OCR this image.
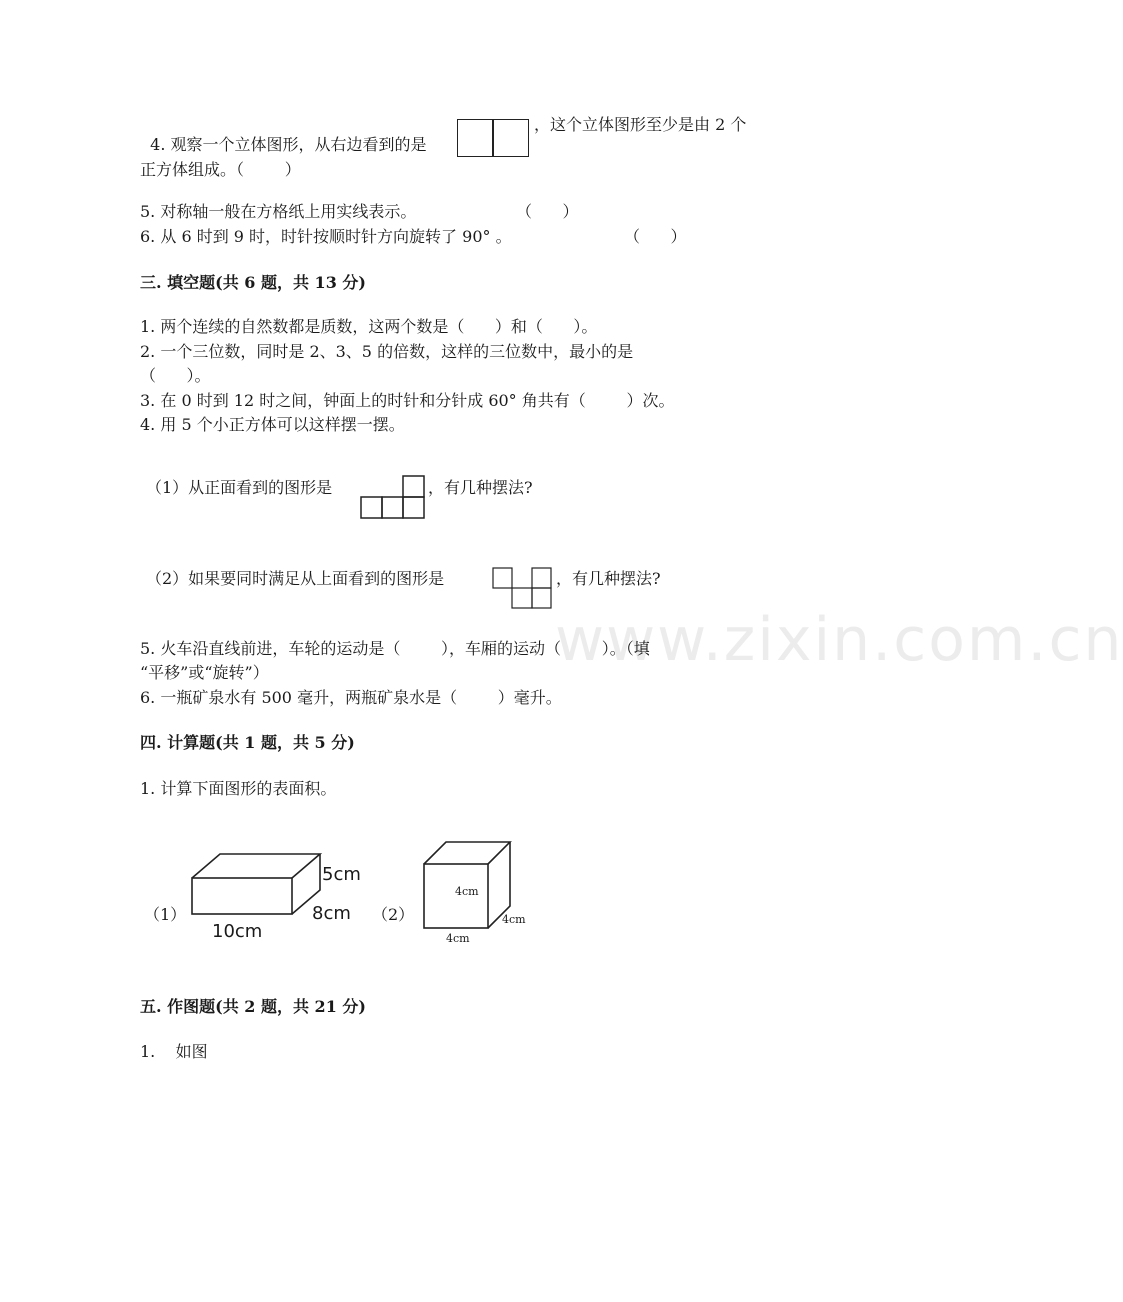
www.zixin.com.cn

4. 观察一个立体图形，从右边看到的是

，这个立体图形至少是由 2 个
正方体组成。（        ）
5. 对称轴一般在方格纸上用实线表示。	（      ）
6. 从 6 时到 9 时，时针按顺时针方向旋转了 90° 。	（      ）
三. 填空题(共 6 题，共 13 分)
1. 两个连续的自然数都是质数，这两个数是（      ）和（      ）。
2. 一个三位数，同时是 2、3、5 的倍数，这样的三位数中，最小的是
（      ）。
3. 在 0 时到 12 时之间，钟面上的时针和分针成 60° 角共有（        ）次。
4. 用 5 个小正方体可以这样摆一摆。
（1）从正面看到的图形是	，有几种摆法?
（2）如果要同时满足从上面看到的图形是	，有几种摆法?
5. 火车沿直线前进，车轮的运动是（        ），车厢的运动（        ）。（填
“平移”或“旋转”）
6. 一瓶矿泉水有 500 毫升，两瓶矿泉水是（        ）毫升。
四. 计算题(共 1 题，共 5 分)
1. 计算下面图形的表面积。
（1）
5cm
8cm
10cm
（2）
4cm
4cm
4cm
五. 作图题(共 2 题，共 21 分)
1.    如图
